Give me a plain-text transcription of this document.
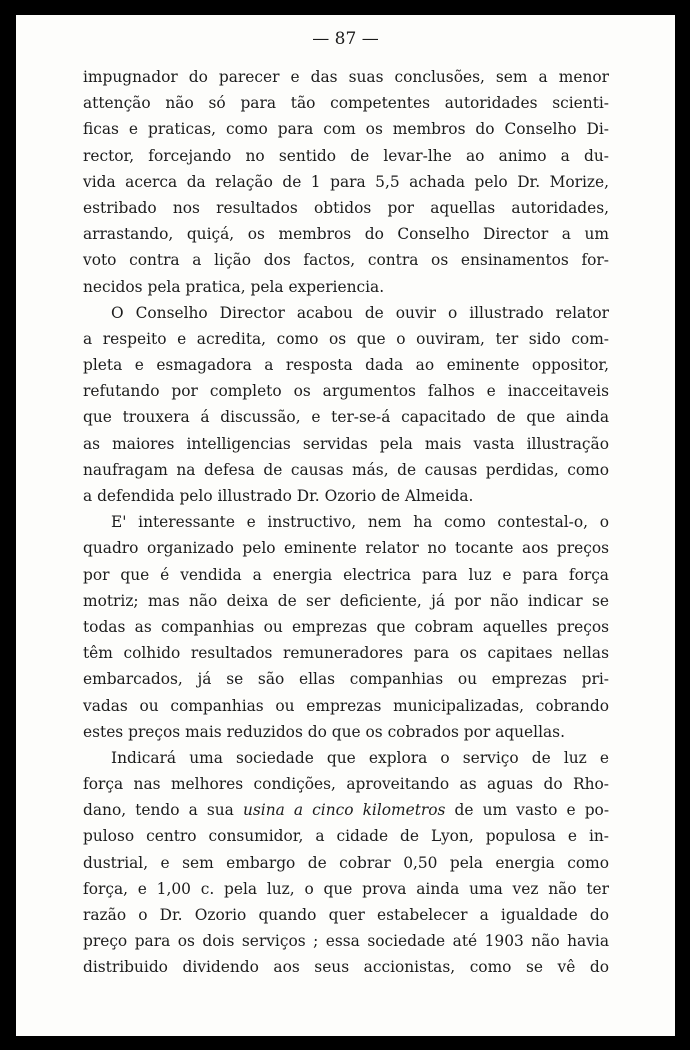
— 87 —
impugnador do parecer e das suas conclusões, sem a menor
attenção não só para tão competentes autoridades scienti-
ficas e praticas, como para com os membros do Conselho Di-
rector, forcejando no sentido de levar-lhe ao animo a du-
vida acerca da relação de 1 para 5,5 achada pelo Dr. Morize,
estribado nos resultados obtidos por aquellas autoridades,
arrastando, quiçá, os membros do Conselho Director a um
voto contra a lição dos factos, contra os ensinamentos for-
necidos pela pratica, pela experiencia.
O Conselho Director acabou de ouvir o illustrado relator
a respeito e acredita, como os que o ouviram, ter sido com-
pleta e esmagadora a resposta dada ao eminente oppositor,
refutando por completo os argumentos falhos e inacceitaveis
que trouxera á discussão, e ter-se-á capacitado de que ainda
as maiores intelligencias servidas pela mais vasta illustração
naufragam na defesa de causas más, de causas perdidas, como
a defendida pelo illustrado Dr. Ozorio de Almeida.
E' interessante e instructivo, nem ha como contestal-o, o
quadro organizado pelo eminente relator no tocante aos preços
por que é vendida a energia electrica para luz e para força
motriz; mas não deixa de ser deficiente, já por não indicar se
todas as companhias ou emprezas que cobram aquelles preços
têm colhido resultados remuneradores para os capitaes nellas
embarcados, já se são ellas companhias ou emprezas pri-
vadas ou companhias ou emprezas municipalizadas, cobrando
estes preços mais reduzidos do que os cobrados por aquellas.
Indicará uma sociedade que explora o serviço de luz e
força nas melhores condições, aproveitando as aguas do Rho-
dano, tendo a sua usina a cinco kilometros de um vasto e po-
puloso centro consumidor, a cidade de Lyon, populosa e in-
dustrial, e sem embargo de cobrar 0,50 pela energia como
força, e 1,00 c. pela luz, o que prova ainda uma vez não ter
razão o Dr. Ozorio quando quer estabelecer a igualdade do
preço para os dois serviços ; essa sociedade até 1903 não havia
distribuido dividendo aos seus accionistas, como se vê do
